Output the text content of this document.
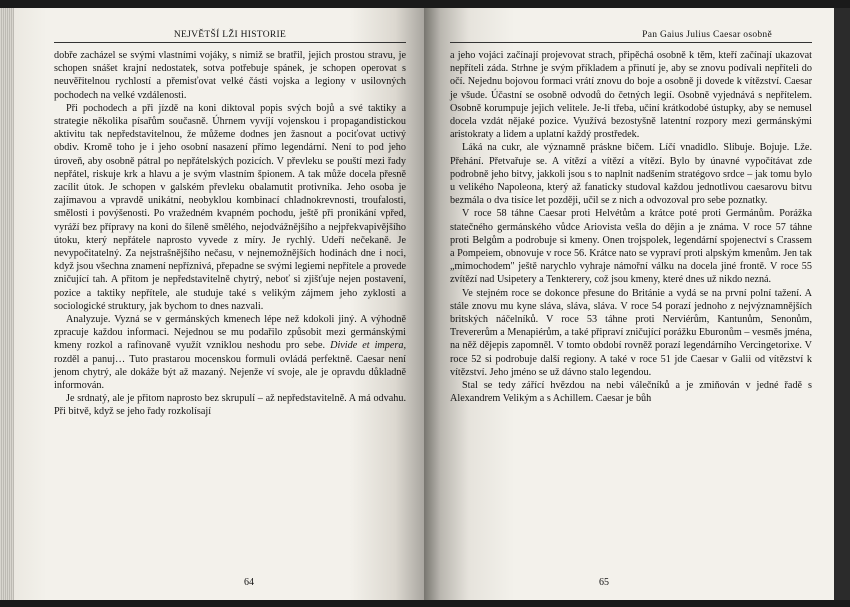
NEJVĚTŠÍ LŽI HISTORIE

dobře zacházel se svými vlastními vojáky, s nimiž se bratřil, jejich prostou stravu, je schopen snášet krajní nedostatek, sotva potřebuje spánek, je schopen operovat s neuvěřitelnou rychlostí a přemisťovat velké části vojska a legiony v usilovných pochodech na velké vzdálenosti.

Při pochodech a při jízdě na koni diktoval popis svých bojů a své taktiky a strategie několika písařům současně. Úhrnem vyvíjí vojenskou i propagandistickou aktivitu tak nepředstavitelnou, že můžeme dodnes jen žasnout a pociťovat uctivý obdiv. Kromě toho je i jeho osobní nasazení přímo legendární. Není to pod jeho úroveň, aby osobně pátral po nepřátelských pozicích. V převleku se pouští mezi řady nepřátel, riskuje krk a hlavu a je svým vlastním špionem. A tak může docela přesně zacílit útok. Je schopen v galském převleku obalamutit protivníka. Jeho osoba je zajímavou a vpravdě unikátní, neobyklou kombinací chladnokrevnosti, troufalosti, smělosti i povýšenosti. Po vražedném kvapném pochodu, ještě při pronikání vpřed, vyráží bez přípravy na koni do šíleně smělého, nejodvážnějšího a nejpřekvapivějšího útoku, který nepřátele naprosto vyvede z míry. Je rychlý. Udeří nečekaně. Je nevypočitatelný. Za nejstrašnějšího nečasu, v nejnemožnějších hodinách dne i noci, když jsou všechna znamení nepříznivá, přepadne se svými legiemi nepřítele a provede zničující tah. A přitom je nepředstavitelně chytrý, neboť si zjišťuje nejen postavení, pozice a taktiky nepřítele, ale studuje také s velikým zájmem jeho zyklosti a sociologické struktury, jak bychom to dnes nazvali.

Analyzuje. Vyzná se v germánských kmenech lépe než kdokoli jiný. A výhodně zpracuje každou informaci. Nejednou se mu podařilo způsobit mezi germánskými kmeny rozkol a rafinovaně využít vzniklou neshodu pro sebe. Divide et impera, rozděl a panuj… Tuto prastarou mocenskou formuli ovládá perfektně. Caesar není jenom chytrý, ale dokáže být až mazaný. Nejenže ví svoje, ale je opravdu důkladně informován.

Je srdnatý, ale je přitom naprosto bez skrupulí – až nepředstavitelně. A má odvahu. Při bitvě, když se jeho řady rozkolísají

64
Pan Gaius Julius Caesar osobně

a jeho vojáci začínají projevovat strach, připěchá osobně k těm, kteří začínají ukazovat nepříteli záda. Strhne je svým příkladem a přinutí je, aby se znovu podívali nepříteli do očí. Nejednu bojovou formaci vrátí znovu do boje a osobně ji dovede k vítězství. Caesar je všude. Účastní se osobně odvodů do četných legií. Osobně vyjednává s nepřítelem. Osobně korumpuje jejich velitele. Je-li třeba, učiní krátkodobé ústupky, aby se nemusel docela vzdát nějaké pozice. Využívá bezostyšně latentní rozpory mezi germánskými aristokraty a lidem a uplatní každý prostředek.

Láká na cukr, ale významně práskne bičem. Líčí vnadidlo. Slibuje. Bojuje. Lže. Přehání. Přetvařuje se. A vítězí a vítězí a vítězí. Bylo by únavné vypočítávat zde podrobně jeho bitvy, jakkoli jsou s to naplnit nadšením stratégovo srdce – jak tomu bylo u velikého Napoleona, který až fanaticky studoval každou jednotlivou caesarovu bitvu bezmála o dva tisíce let později, učil se z nich a odvozoval pro sebe poznatky.

V roce 58 táhne Caesar proti Helvétům a krátce poté proti Germánům. Porážka statečného germánského vůdce Ariovista vešla do dějin a je známa. V roce 57 táhne proti Belgům a podrobuje si kmeny. Onen trojspolek, legendární spojenectví s Crassem a Pompeiem, obnovuje v roce 56. Krátce nato se vypraví proti alpským kmenům. Jen tak „mimochodem" ještě narychlo vyhraje námořní válku na docela jiné frontě. V roce 55 zvítězí nad Usipetery a Tenkterery, což jsou kmeny, které dnes už nikdo nezná.

Ve stejném roce se dokonce přesune do Británie a vydá se na první polní tažení. A stále znovu mu kyne sláva, sláva, sláva. V roce 54 porazí jednoho z nejvýznamnějších britských náčelníků. V roce 53 táhne proti Nerviérům, Kantunům, Senonům, Trevererům a Menapiérům, a také připraví zničující porážku Eburonům – vesměs jména, na něž dějepis zapomněl. V tomto období rovněž porazí legendárního Vercingetorixe. V roce 52 si podrobuje další regiony. A také v roce 51 jde Caesar v Galii od vítězství k vítězství. Jeho jméno se už dávno stalo legendou.

Stal se tedy zářící hvězdou na nebi válečníků a je zmiňován v jedné řadě s Alexandrem Velikým a s Achillem. Caesar je bůh

65
